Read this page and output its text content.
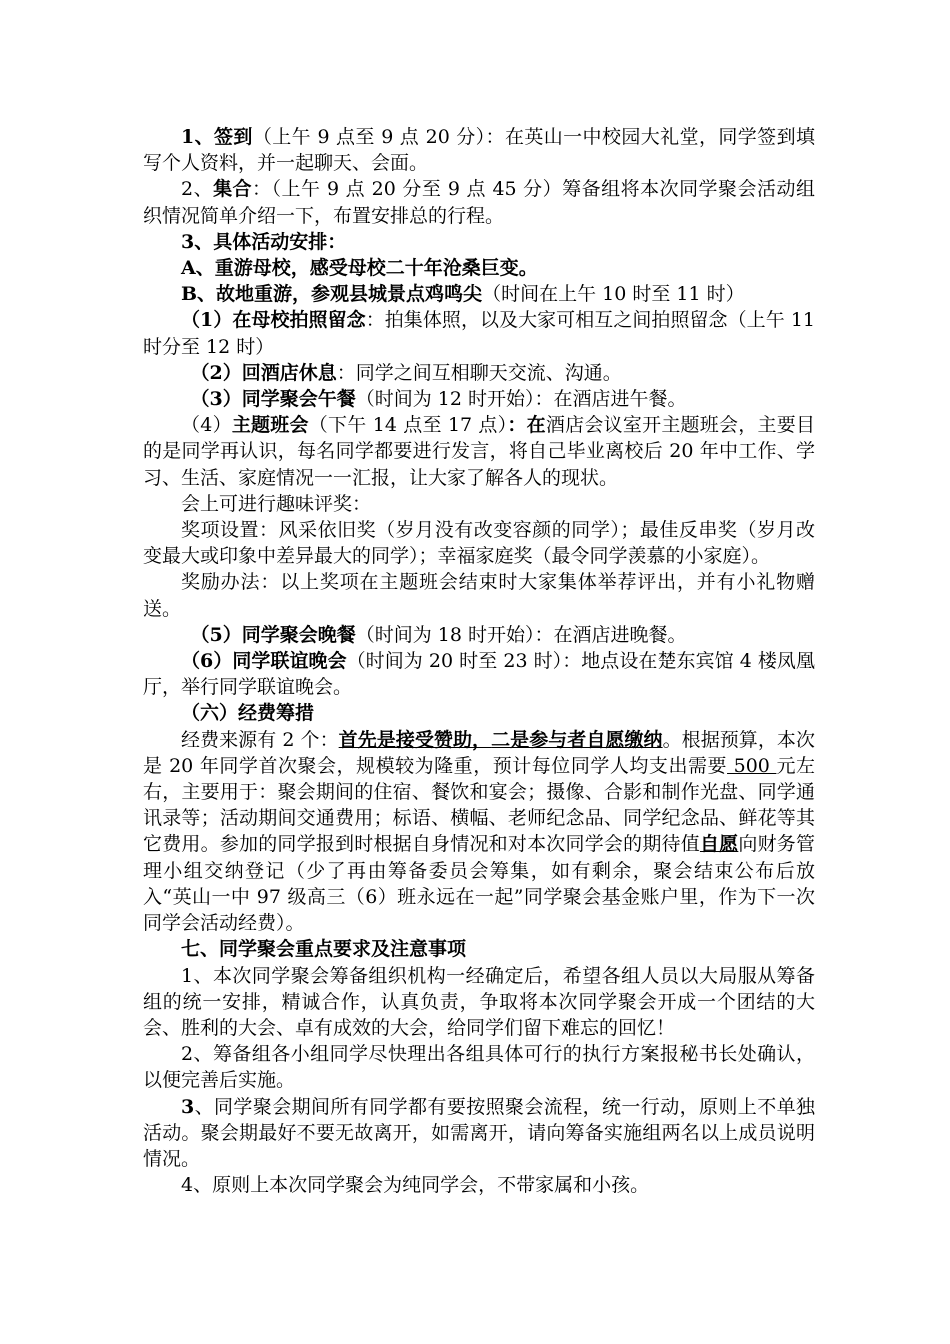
1、签到（上午 9 点至 9 点 20 分）：在英山一中校园大礼堂，同学签到填写个人资料，并一起聊天、会面。

2、集合：（上午 9 点 20 分至 9 点 45 分）筹备组将本次同学聚会活动组织情况简单介绍一下，布置安排总的行程。

3、具体活动安排：

A、重游母校，感受母校二十年沧桑巨变。

B、故地重游，参观县城景点鸡鸣尖（时间在上午 10 时至 11 时）

（1）在母校拍照留念：拍集体照，以及大家可相互之间拍照留念（上午 11 时分至 12 时）

（2）回酒店休息：同学之间互相聊天交流、沟通。

（3）同学聚会午餐（时间为 12 时开始）：在酒店进午餐。

（4）主题班会（下午 14 点至 17 点）：在酒店会议室开主题班会，主要目的是同学再认识，每名同学都要进行发言，将自己毕业离校后 20 年中工作、学习、生活、家庭情况一一汇报，让大家了解各人的现状。

会上可进行趣味评奖：

奖项设置：风采依旧奖（岁月没有改变容颜的同学）；最佳反串奖（岁月改变最大或印象中差异最大的同学）；幸福家庭奖（最令同学羡慕的小家庭）。

奖励办法：以上奖项在主题班会结束时大家集体举荐评出，并有小礼物赠送。

（5）同学聚会晚餐（时间为 18 时开始）：在酒店进晚餐。

（6）同学联谊晚会（时间为 20 时至 23 时）：地点设在楚东宾馆 4 楼凤凰厅，举行同学联谊晚会。

（六）经费筹措

经费来源有 2 个：首先是接受赞助，二是参与者自愿缴纳。根据预算，本次是 20 年同学首次聚会，规模较为隆重，预计每位同学人均支出需要 500 元左右，主要用于：聚会期间的住宿、餐饮和宴会；摄像、合影和制作光盘、同学通讯录等；活动期间交通费用；标语、横幅、老师纪念品、同学纪念品、鲜花等其它费用。参加的同学报到时根据自身情况和对本次同学会的期待值自愿向财务管理小组交纳登记（少了再由筹备委员会筹集，如有剩余，聚会结束公布后放入“英山一中 97 级高三（6）班永远在一起”同学聚会基金账户里，作为下一次同学会活动经费）。

七、同学聚会重点要求及注意事项

1、本次同学聚会筹备组织机构一经确定后，希望各组人员以大局服从筹备组的统一安排，精诚合作，认真负责，争取将本次同学聚会开成一个团结的大会、胜利的大会、卓有成效的大会，给同学们留下难忘的回忆！

2、筹备组各小组同学尽快理出各组具体可行的执行方案报秘书长处确认，以便完善后实施。

3、同学聚会期间所有同学都有要按照聚会流程，统一行动，原则上不单独活动。聚会期最好不要无故离开，如需离开，请向筹备实施组两名以上成员说明情况。

4、原则上本次同学聚会为纯同学会，不带家属和小孩。
